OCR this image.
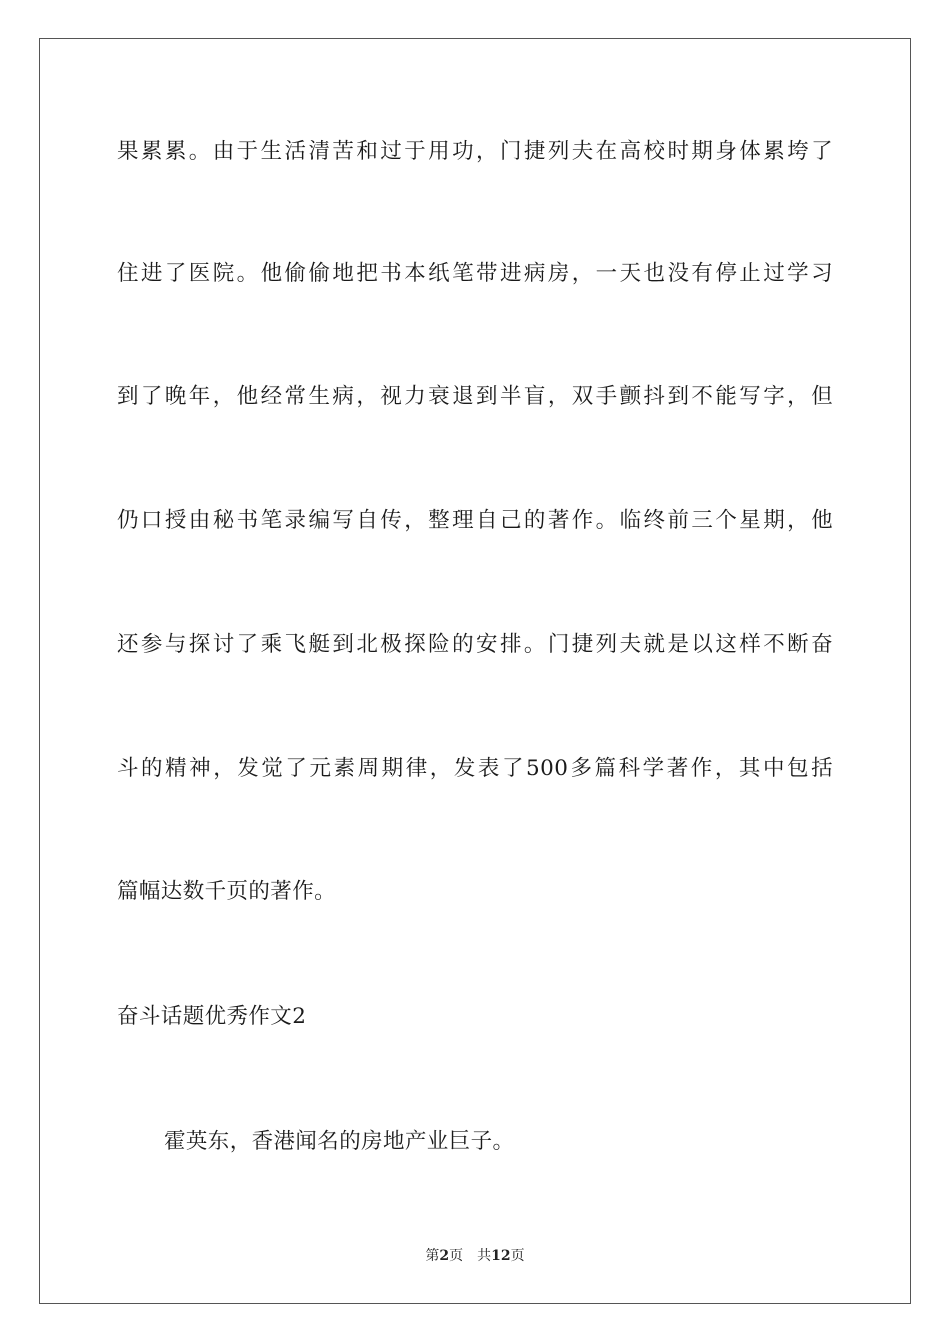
果累累。由于生活清苦和过于用功，门捷列夫在高校时期身体累垮了
住进了医院。他偷偷地把书本纸笔带进病房，一天也没有停止过学习
到了晚年，他经常生病，视力衰退到半盲，双手颤抖到不能写字，但
仍口授由秘书笔录编写自传，整理自己的著作。临终前三个星期，他
还参与探讨了乘飞艇到北极探险的安排。门捷列夫就是以这样不断奋
斗的精神，发觉了元素周期律，发表了500多篇科学著作，其中包括
篇幅达数千页的著作。
奋斗话题优秀作文2
霍英东，香港闻名的房地产业巨子。
第2页 共12页
